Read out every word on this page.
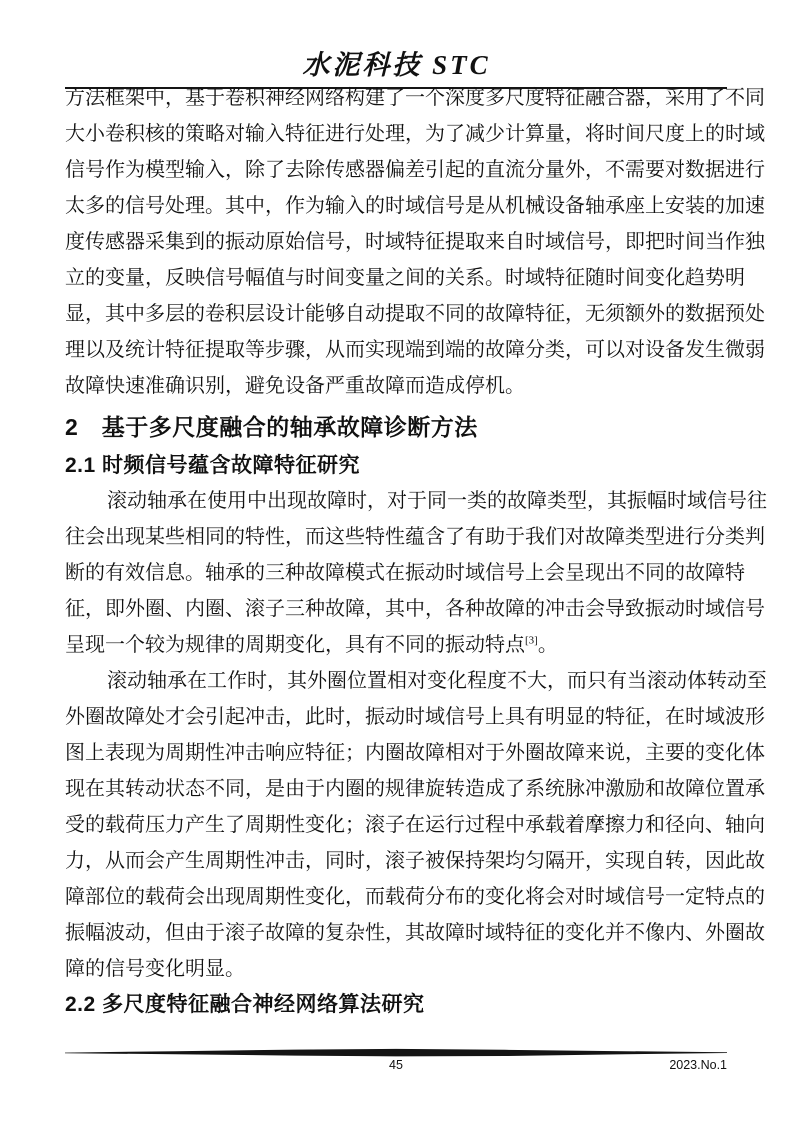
水泥科技 STC
方法框架中，基于卷积神经网络构建了一个深度多尺度特征融合器，采用了不同
大小卷积核的策略对输入特征进行处理，为了减少计算量，将时间尺度上的时域
信号作为模型输入，除了去除传感器偏差引起的直流分量外，不需要对数据进行
太多的信号处理。其中，作为输入的时域信号是从机械设备轴承座上安装的加速
度传感器采集到的振动原始信号，时域特征提取来自时域信号，即把时间当作独
立的变量，反映信号幅值与时间变量之间的关系。时域特征随时间变化趋势明
显，其中多层的卷积层设计能够自动提取不同的故障特征，无须额外的数据预处
理以及统计特征提取等步骤，从而实现端到端的故障分类，可以对设备发生微弱
故障快速准确识别，避免设备严重故障而造成停机。
2　基于多尺度融合的轴承故障诊断方法
2.1 时频信号蕴含故障特征研究
滚动轴承在使用中出现故障时，对于同一类的故障类型，其振幅时域信号往
往会出现某些相同的特性，而这些特性蕴含了有助于我们对故障类型进行分类判
断的有效信息。轴承的三种故障模式在振动时域信号上会呈现出不同的故障特
征，即外圈、内圈、滚子三种故障，其中，各种故障的冲击会导致振动时域信号
呈现一个较为规律的周期变化，具有不同的振动特点[3]。
滚动轴承在工作时，其外圈位置相对变化程度不大，而只有当滚动体转动至
外圈故障处才会引起冲击，此时，振动时域信号上具有明显的特征，在时域波形
图上表现为周期性冲击响应特征；内圈故障相对于外圈故障来说，主要的变化体
现在其转动状态不同，是由于内圈的规律旋转造成了系统脉冲激励和故障位置承
受的载荷压力产生了周期性变化；滚子在运行过程中承载着摩擦力和径向、轴向
力，从而会产生周期性冲击，同时，滚子被保持架均匀隔开，实现自转，因此故
障部位的载荷会出现周期性变化，而载荷分布的变化将会对时域信号一定特点的
振幅波动，但由于滚子故障的复杂性，其故障时域特征的变化并不像内、外圈故
障的信号变化明显。
2.2 多尺度特征融合神经网络算法研究
45	2023.No.1
